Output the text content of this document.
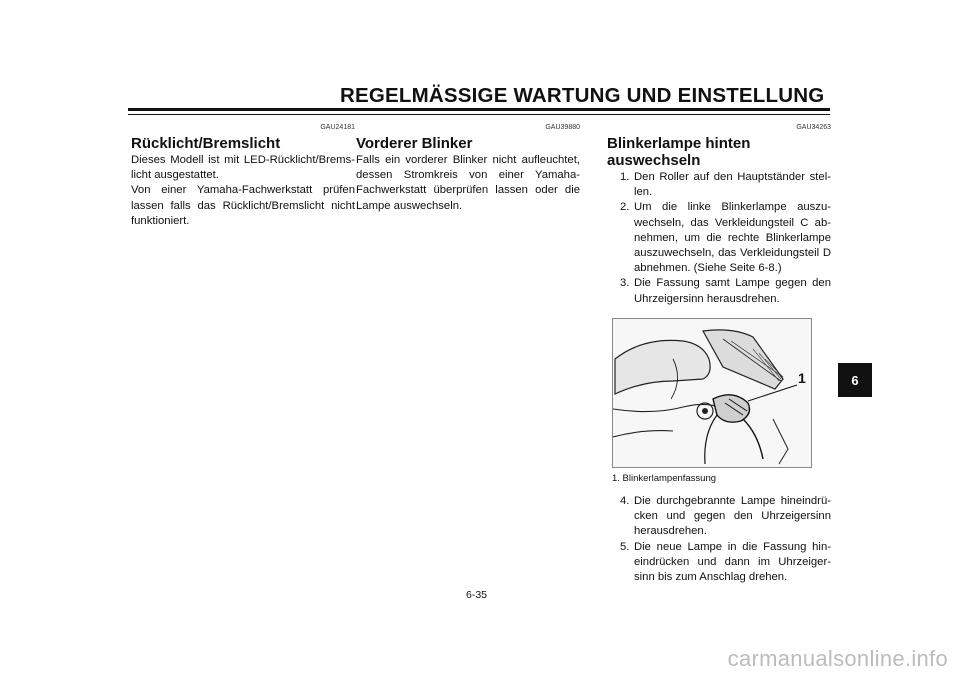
REGELMÄSSIGE WARTUNG UND EINSTELLUNG
GAU24181
Rücklicht/Bremslicht

Dieses Modell ist mit LED-Rücklicht/Brems- licht ausgestattet.

Von einer Yamaha-Fachwerkstatt prüfen lassen falls das Rücklicht/Bremslicht nicht funktioniert.

GAU39880
Vorderer Blinker

Falls ein vorderer Blinker nicht aufleuchtet, dessen Stromkreis von einer Yamaha-Fachwerkstatt überprüfen lassen oder die Lampe auswechseln.

GAU34263
Blinkerlampe hinten auswechseln
1. Den Roller auf den Hauptständer stel- len.
2. Um die linke Blinkerlampe auszu- wechseln, das Verkleidungsteil C ab- nehmen, um die rechte Blinkerlampe auszuwechseln, das Verkleidungsteil D abnehmen. (Siehe Seite 6-8.)
3. Die Fassung samt Lampe gegen den Uhrzeigersinn herausdrehen.
1
1. Blinkerlampenfassung
4. Die durchgebrannte Lampe hineindrü- cken und gegen den Uhrzeigersinn herausdrehen.
5. Die neue Lampe in die Fassung hin- eindrücken und dann im Uhrzeiger- sinn bis zum Anschlag drehen.
6-35
6
carmanualsonline.info
